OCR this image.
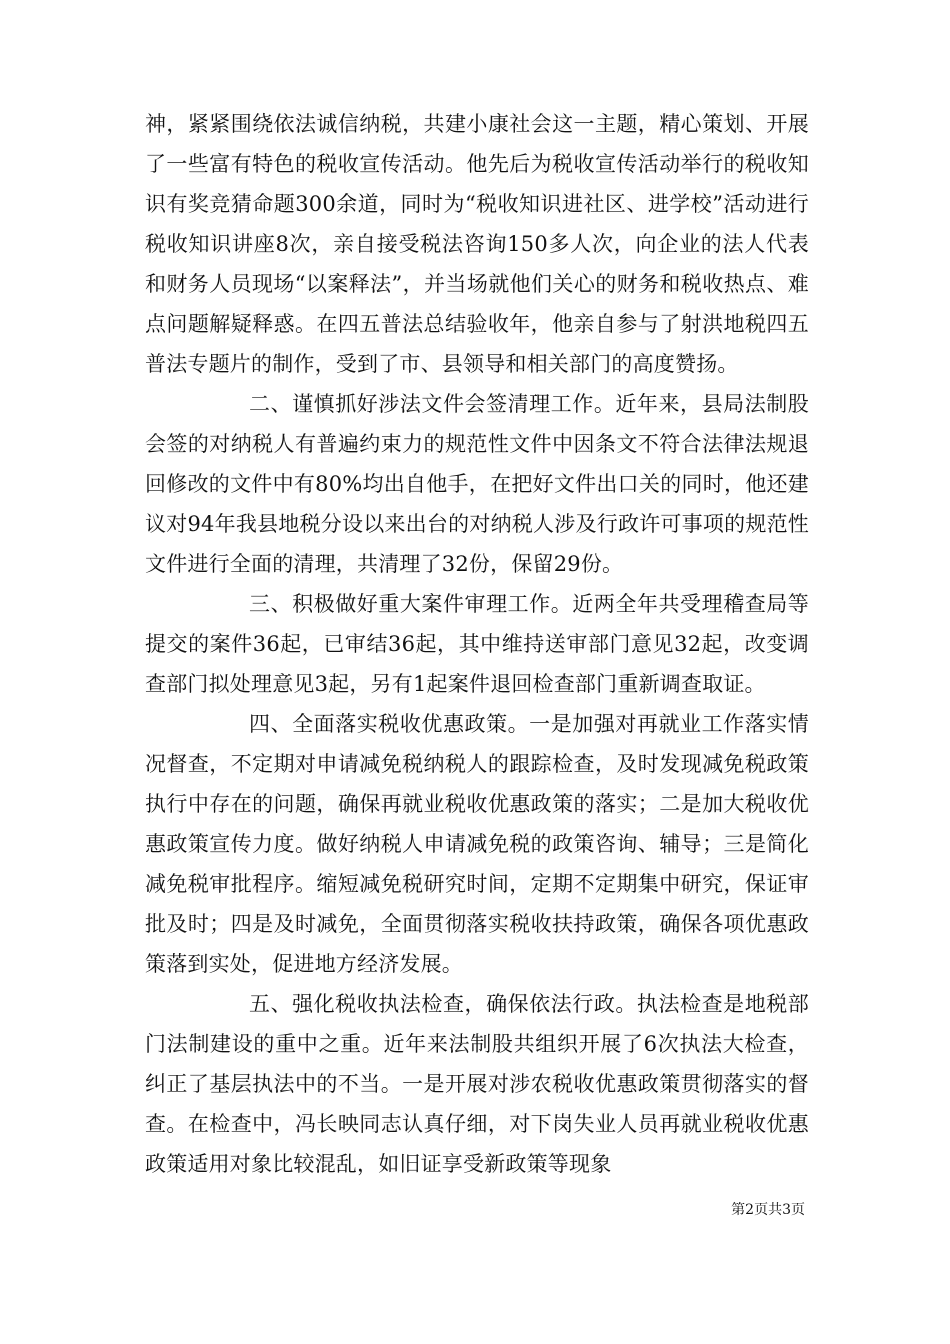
神，紧紧围绕依法诚信纳税，共建小康社会这一主题，精心策划、开展了一些富有特色的税收宣传活动。他先后为税收宣传活动举行的税收知识有奖竞猜命题300余道，同时为“税收知识进社区、进学校”活动进行税收知识讲座8次，亲自接受税法咨询150多人次，向企业的法人代表和财务人员现场“以案释法”，并当场就他们关心的财务和税收热点、难点问题解疑释惑。在四五普法总结验收年，他亲自参与了射洪地税四五普法专题片的制作，受到了市、县领导和相关部门的高度赞扬。

二、谨慎抓好涉法文件会签清理工作。近年来，县局法制股会签的对纳税人有普遍约束力的规范性文件中因条文不符合法律法规退回修改的文件中有80%均出自他手，在把好文件出口关的同时，他还建议对94年我县地税分设以来出台的对纳税人涉及行政许可事项的规范性文件进行全面的清理，共清理了32份，保留29份。

三、积极做好重大案件审理工作。近两全年共受理稽查局等提交的案件36起，已审结36起，其中维持送审部门意见32起，改变调查部门拟处理意见3起，另有1起案件退回检查部门重新调查取证。

四、全面落实税收优惠政策。一是加强对再就业工作落实情况督查，不定期对申请减免税纳税人的跟踪检查，及时发现减免税政策执行中存在的问题，确保再就业税收优惠政策的落实；二是加大税收优惠政策宣传力度。做好纳税人申请减免税的政策咨询、辅导；三是简化减免税审批程序。缩短减免税研究时间，定期不定期集中研究，保证审批及时；四是及时减免，全面贯彻落实税收扶持政策，确保各项优惠政策落到实处，促进地方经济发展。

五、强化税收执法检查，确保依法行政。执法检查是地税部门法制建设的重中之重。近年来法制股共组织开展了6次执法大检查，纠正了基层执法中的不当。一是开展对涉农税收优惠政策贯彻落实的督查。在检查中，冯长映同志认真仔细，对下岗失业人员再就业税收优惠政策适用对象比较混乱，如旧证享受新政策等现象

第2页共3页
